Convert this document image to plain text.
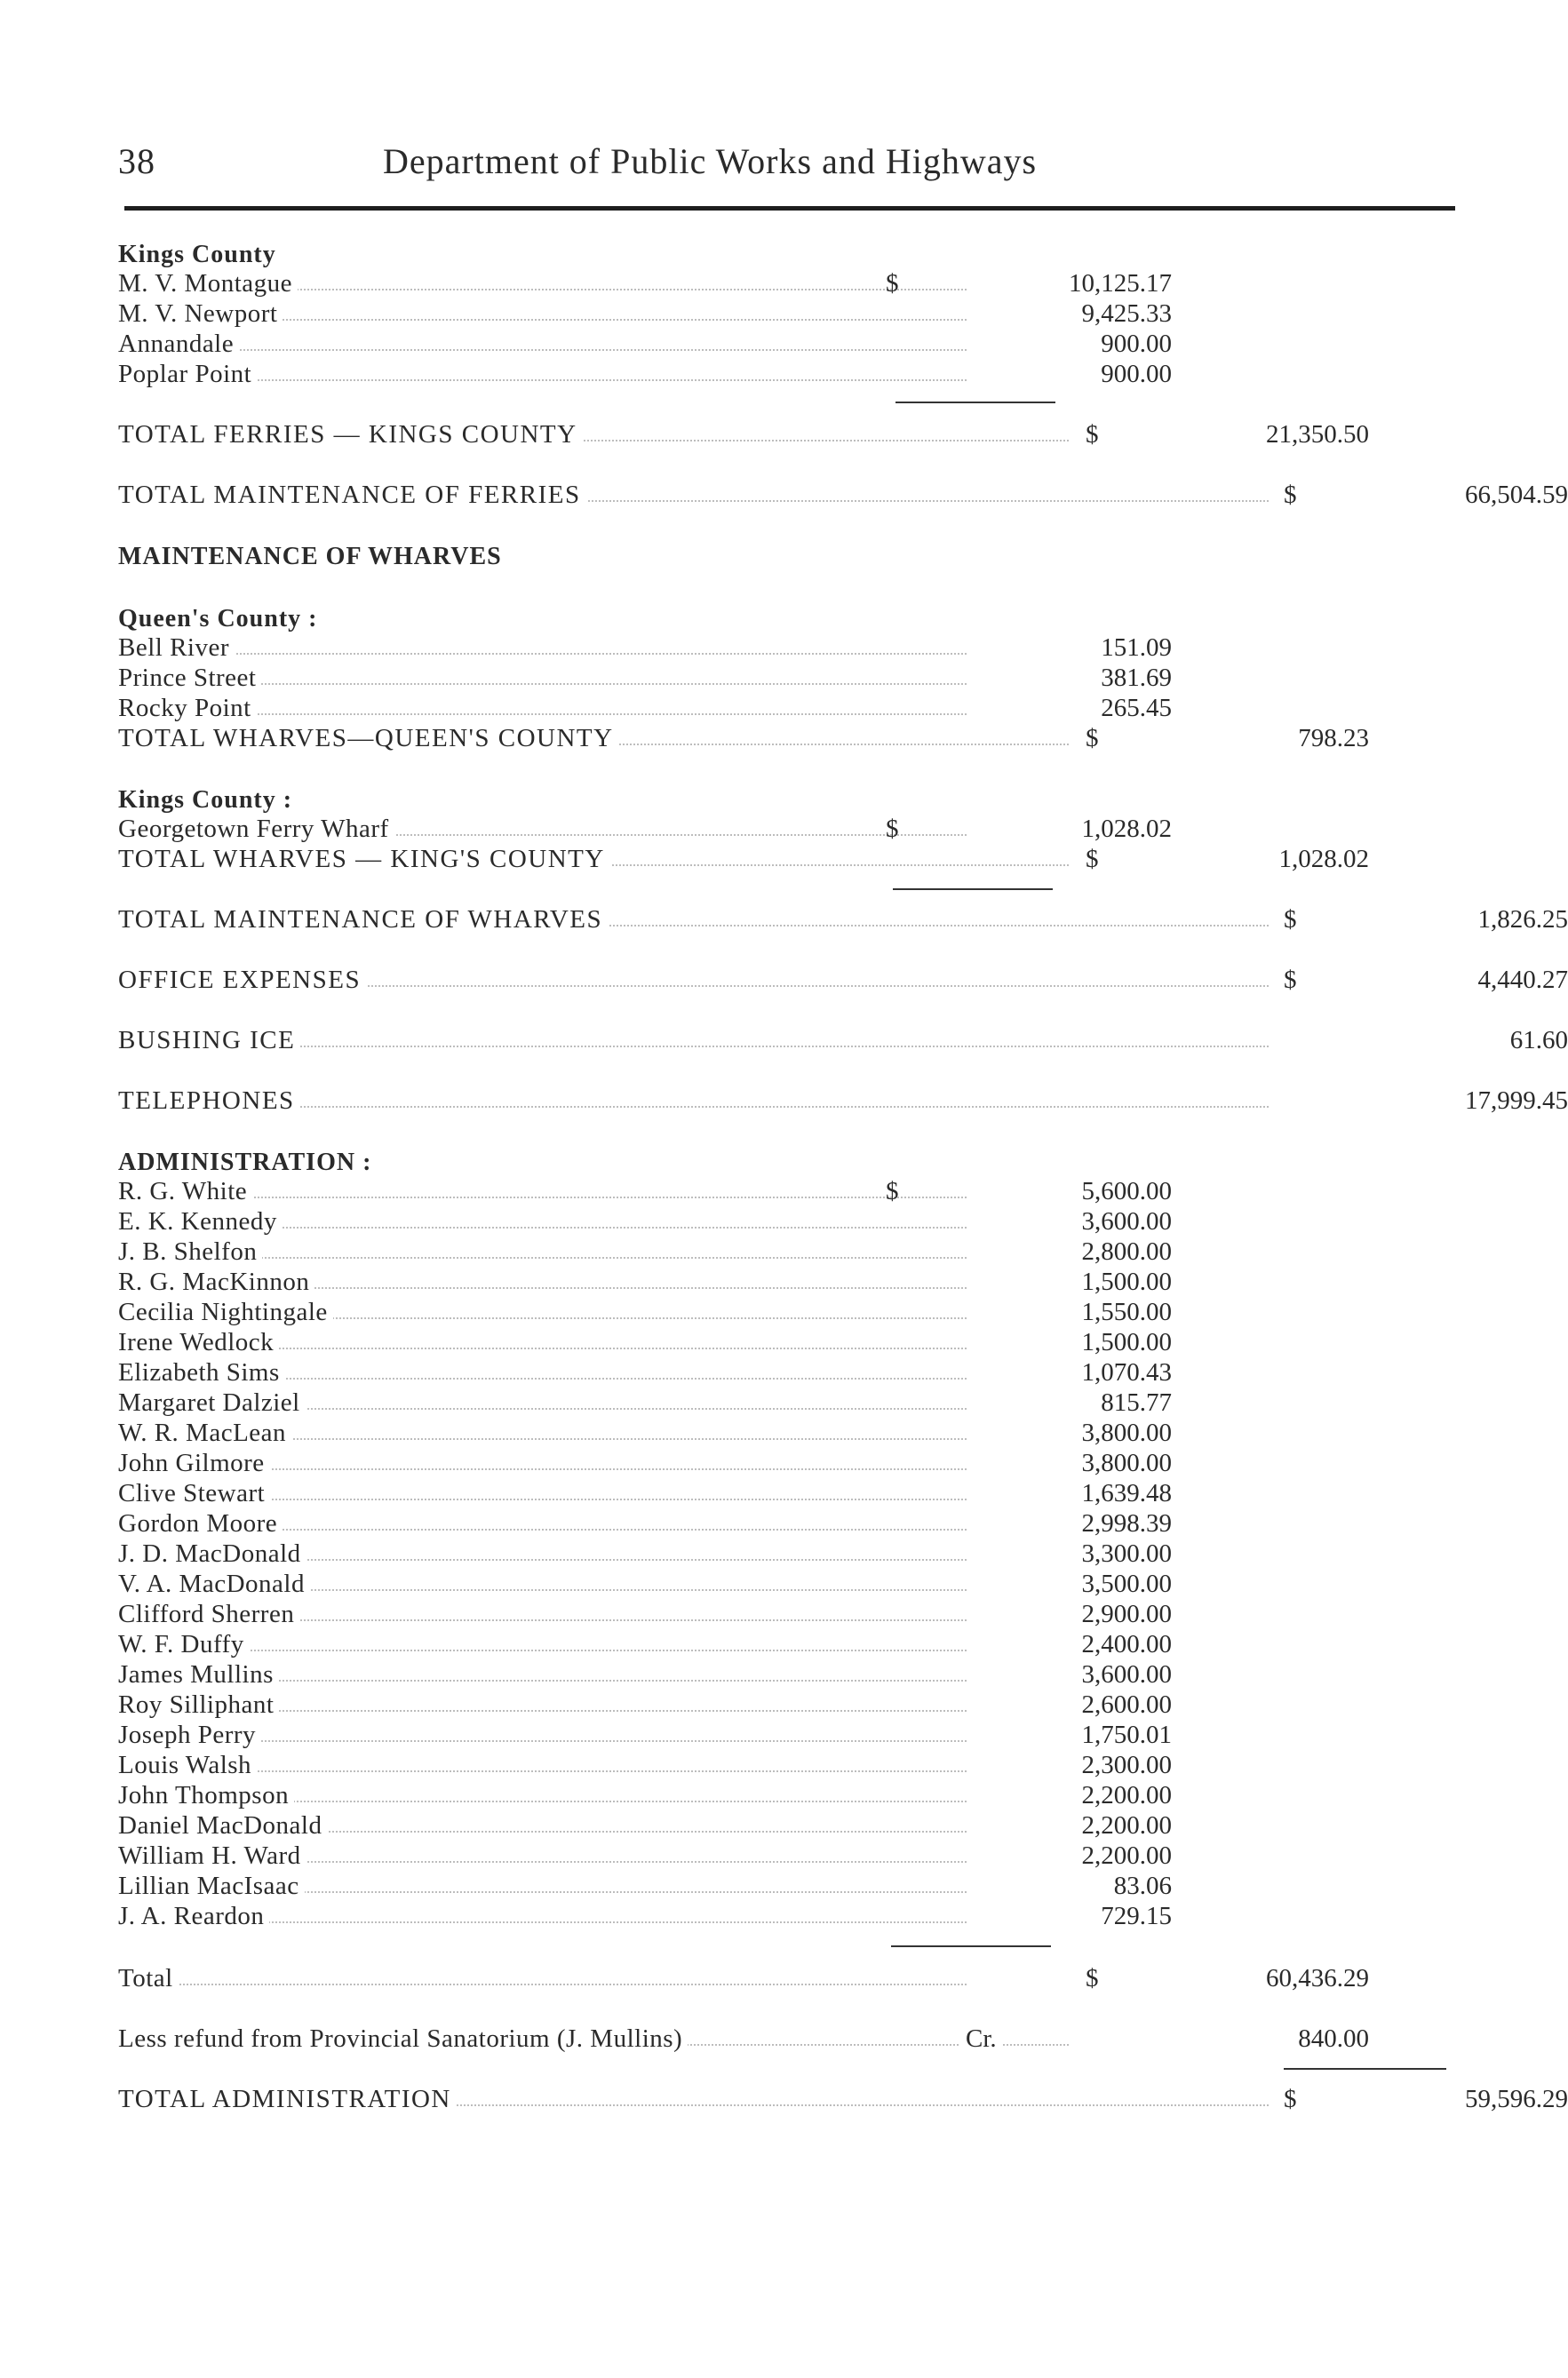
38	Department of Public Works and Highways
Kings County
M. V. Montague	$	10,125.17
M. V. Newport	9,425.33
Annandale	900.00
Poplar Point	900.00
TOTAL FERRIES — KINGS COUNTY	$	21,350.50
TOTAL MAINTENANCE OF FERRIES	$	66,504.59
MAINTENANCE OF WHARVES
Queen's County :
Bell River	151.09
Prince Street	381.69
Rocky Point	265.45
TOTAL WHARVES—QUEEN'S COUNTY	$	798.23
Kings County :
Georgetown Ferry Wharf	$	1,028.02
TOTAL WHARVES — KING'S COUNTY	$	1,028.02
TOTAL MAINTENANCE OF WHARVES	$	1,826.25
OFFICE EXPENSES	$	4,440.27
BUSHING ICE	61.60
TELEPHONES	17,999.45
ADMINISTRATION :
R. G. White	$	5,600.00
E. K. Kennedy	3,600.00
J. B. Shelfon	2,800.00
R. G. MacKinnon	1,500.00
Cecilia Nightingale	1,550.00
Irene Wedlock	1,500.00
Elizabeth Sims	1,070.43
Margaret Dalziel	815.77
W. R. MacLean	3,800.00
John Gilmore	3,800.00
Clive Stewart	1,639.48
Gordon Moore	2,998.39
J. D. MacDonald	3,300.00
V. A. MacDonald	3,500.00
Clifford Sherren	2,900.00
W. F. Duffy	2,400.00
James Mullins	3,600.00
Roy Silliphant	2,600.00
Joseph Perry	1,750.01
Louis Walsh	2,300.00
John Thompson	2,200.00
Daniel MacDonald	2,200.00
William H. Ward	2,200.00
Lillian MacIsaac	83.06
J. A. Reardon	729.15
Total	$	60,436.29
Less refund from Provincial Sanatorium (J. Mullins)	Cr.	840.00
TOTAL ADMINISTRATION	$	59,596.29
